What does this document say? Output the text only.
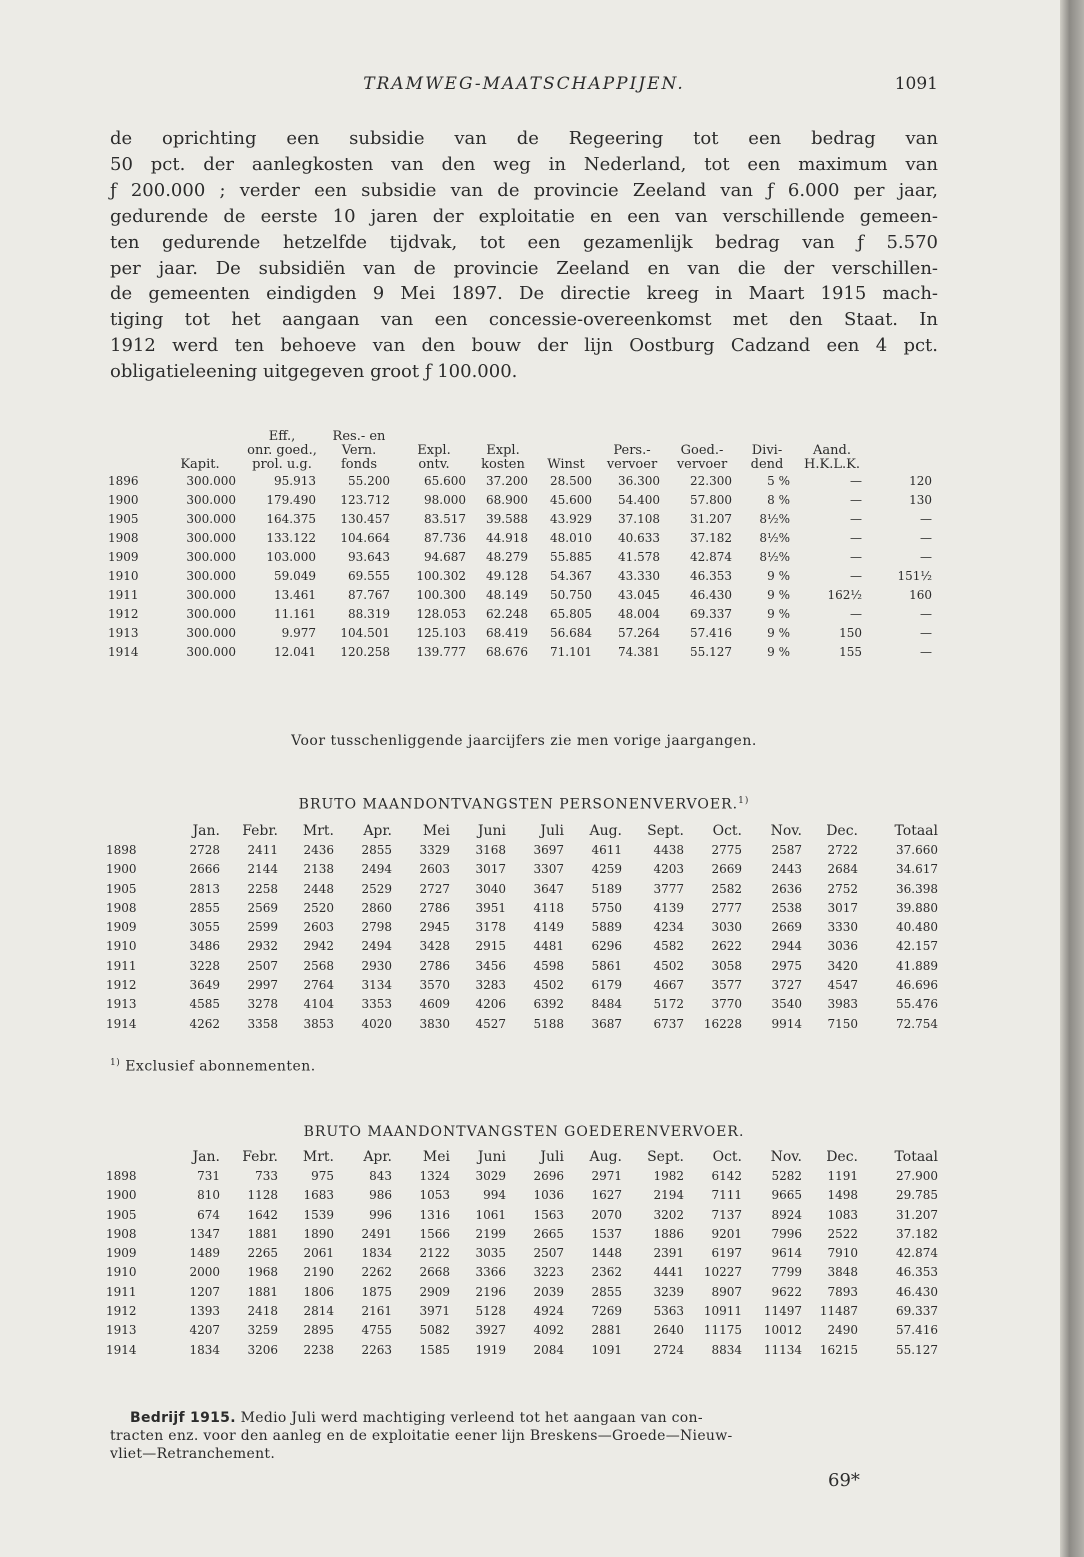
TRAMWEG-MAATSCHAPPIJEN.	1091
de oprichting een subsidie van de Regeering tot een bedrag van
50 pct. der aanlegkosten van den weg in Nederland, tot een maximum van
ƒ 200.000 ; verder een subsidie van de provincie Zeeland van ƒ 6.000 per jaar,
gedurende de eerste 10 jaren der exploitatie en een van verschillende gemeen-
ten gedurende hetzelfde tijdvak, tot een gezamenlijk bedrag van ƒ 5.570
per jaar. De subsidiën van de provincie Zeeland en van die der verschillen-
de gemeenten eindigden 9 Mei 1897. De directie kreeg in Maart 1915 mach-
tiging tot het aangaan van een concessie-overeenkomst met den Staat. In
1912 werd ten behoeve van den bouw der lijn Oostburg Cadzand een 4 pct.
obligatieleening uitgegeven groot ƒ 100.000.
		Eff.,	Res.- en								
		onr. goed.,	Vern.	Expl.	Expl.		Pers.-	Goed.-	Divi-	Aand.	
	Kapit.	prol. u.g.	fonds	ontv.	kosten	Winst	vervoer	vervoer	dend	H.K.L.K.	
1896	300.000	95.913	55.200	65.600	37.200	28.500	36.300	22.300	5 %	—	120
1900	300.000	179.490	123.712	98.000	68.900	45.600	54.400	57.800	8 %	—	130
1905	300.000	164.375	130.457	83.517	39.588	43.929	37.108	31.207	8½%	—	—
1908	300.000	133.122	104.664	87.736	44.918	48.010	40.633	37.182	8½%	—	—
1909	300.000	103.000	93.643	94.687	48.279	55.885	41.578	42.874	8½%	—	—
1910	300.000	59.049	69.555	100.302	49.128	54.367	43.330	46.353	9 %	—	151½
1911	300.000	13.461	87.767	100.300	48.149	50.750	43.045	46.430	9 %	162½	160
1912	300.000	11.161	88.319	128.053	62.248	65.805	48.004	69.337	9 %	—	—
1913	300.000	9.977	104.501	125.103	68.419	56.684	57.264	57.416	9 %	150	—
1914	300.000	12.041	120.258	139.777	68.676	71.101	74.381	55.127	9 %	155	—
Voor tusschenliggende jaarcijfers zie men vorige jaargangen.
BRUTO MAANDONTVANGSTEN PERSONENVERVOER.$^{1)}$
	Jan.	Febr.	Mrt.	Apr.	Mei	Juni	Juli	Aug.	Sept.	Oct.	Nov.	Dec.	Totaal
1898	2728	2411	2436	2855	3329	3168	3697	4611	4438	2775	2587	2722	37.660
1900	2666	2144	2138	2494	2603	3017	3307	4259	4203	2669	2443	2684	34.617
1905	2813	2258	2448	2529	2727	3040	3647	5189	3777	2582	2636	2752	36.398
1908	2855	2569	2520	2860	2786	3951	4118	5750	4139	2777	2538	3017	39.880
1909	3055	2599	2603	2798	2945	3178	4149	5889	4234	3030	2669	3330	40.480
1910	3486	2932	2942	2494	3428	2915	4481	6296	4582	2622	2944	3036	42.157
1911	3228	2507	2568	2930	2786	3456	4598	5861	4502	3058	2975	3420	41.889
1912	3649	2997	2764	3134	3570	3283	4502	6179	4667	3577	3727	4547	46.696
1913	4585	3278	4104	3353	4609	4206	6392	8484	5172	3770	3540	3983	55.476
1914	4262	3358	3853	4020	3830	4527	5188	3687	6737	16228	9914	7150	72.754
$^{1)}$ Exclusief abonnementen.
BRUTO MAANDONTVANGSTEN GOEDERENVERVOER.
	Jan.	Febr.	Mrt.	Apr.	Mei	Juni	Juli	Aug.	Sept.	Oct.	Nov.	Dec.	Totaal
1898	731	733	975	843	1324	3029	2696	2971	1982	6142	5282	1191	27.900
1900	810	1128	1683	986	1053	994	1036	1627	2194	7111	9665	1498	29.785
1905	674	1642	1539	996	1316	1061	1563	2070	3202	7137	8924	1083	31.207
1908	1347	1881	1890	2491	1566	2199	2665	1537	1886	9201	7996	2522	37.182
1909	1489	2265	2061	1834	2122	3035	2507	1448	2391	6197	9614	7910	42.874
1910	2000	1968	2190	2262	2668	3366	3223	2362	4441	10227	7799	3848	46.353
1911	1207	1881	1806	1875	2909	2196	2039	2855	3239	8907	9622	7893	46.430
1912	1393	2418	2814	2161	3971	5128	4924	7269	5363	10911	11497	11487	69.337
1913	4207	3259	2895	4755	5082	3927	4092	2881	2640	11175	10012	2490	57.416
1914	1834	3206	2238	2263	1585	1919	2084	1091	2724	8834	11134	16215	55.127
Bedrijf 1915. Medio Juli werd machtiging verleend tot het aangaan van con-
tracten enz. voor den aanleg en de exploitatie eener lijn Breskens—Groede—Nieuw-
vliet—Retranchement.
69*
